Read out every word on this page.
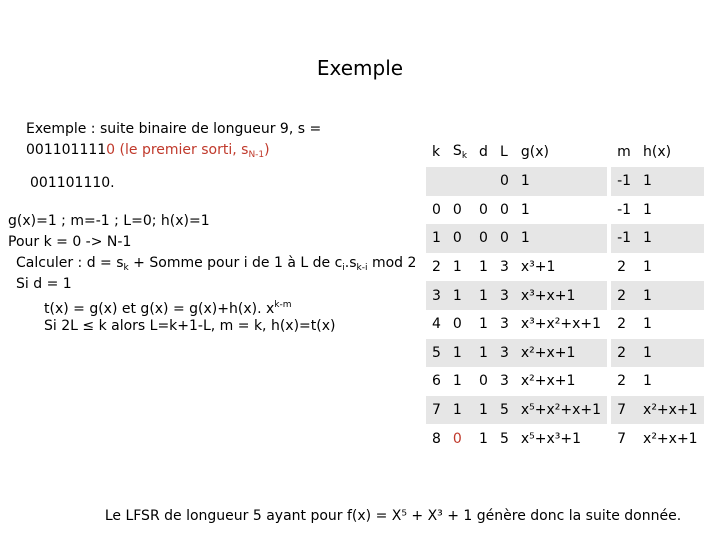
Exemple
Exemple : suite binaire de longueur 9, s =
0011011110 (le premier sorti, $s_{N-1}$)
001101110.
g(x)=1 ; m=-1 ; L=0; h(x)=1
Pour k = 0 -> N-1
Calculer : $d = s_k$ + Somme pour i de 1 à L de $c_i.s_{k-i}$ mod 2
Si d = 1
t(x) = g(x) et g(x) = g(x)+h(x). $x^{k-m}$
Si 2L ≤ k alors L=k+1-L, m = k, h(x)=t(x)
k	$S_k$	d	L	g(x)		m	h(x)
			0	1		-1	1
0	0	0	0	1		-1	1
1	0	0	0	1		-1	1
2	1	1	3	x³+1		2	1
3	1	1	3	x³+x+1		2	1
4	0	1	3	x³+x²+x+1		2	1
5	1	1	3	x²+x+1		2	1
6	1	0	3	x²+x+1		2	1
7	1	1	5	x⁵+x²+x+1		7	x²+x+1
8	0	1	5	x⁵+x³+1		7	x²+x+1
Le LFSR de longueur 5 ayant pour f(x) = X⁵ + X³ + 1 génère donc la suite donnée.
